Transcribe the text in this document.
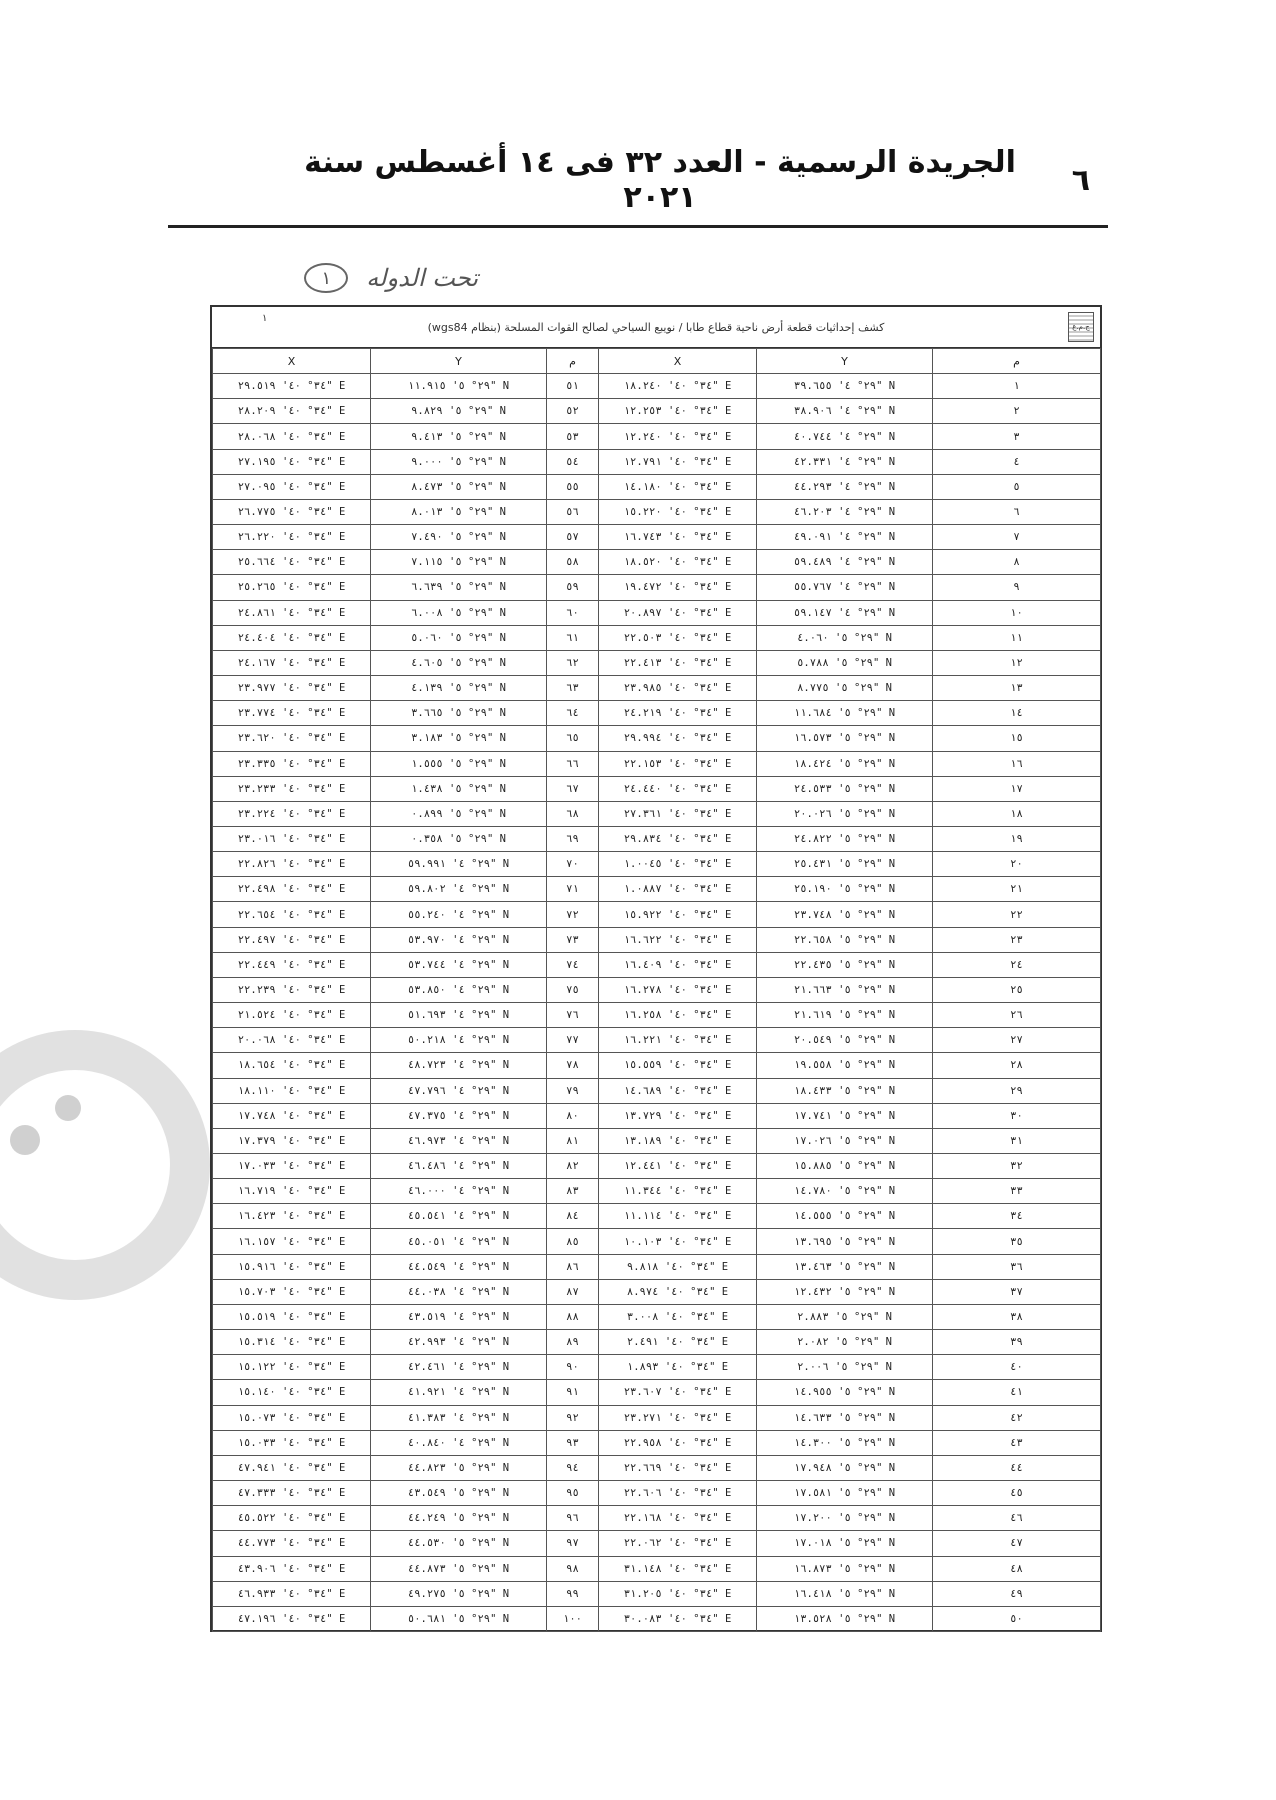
٦
الجريدة الرسمية - العدد ٣٢ فى ١٤ أغسطس سنة ٢٠٢١
تحت الدوله
١
ج.م.ع
كشف إحداثيات قطعة أرض ناحية قطاع طابا / نويبع السياحي لصالح القوات المسلحة (بنظام wgs84)
١
X	Y	م	X	Y	م
٣٤° ٤٠' ٢٩.٥١٩" E	٢٩° ٥' ١١.٩١٥" N	٥١	٣٤° ٤٠' ١٨.٢٤٠" E	٢٩° ٤' ٣٩.٦٥٥" N	١
٣٤° ٤٠' ٢٨.٢٠٩" E	٢٩° ٥' ٩.٨٢٩" N	٥٢	٣٤° ٤٠' ١٢.٢٥٣" E	٢٩° ٤' ٣٨.٩٠٦" N	٢
٣٤° ٤٠' ٢٨.٠٦٨" E	٢٩° ٥' ٩.٤١٣" N	٥٣	٣٤° ٤٠' ١٢.٢٤٠" E	٢٩° ٤' ٤٠.٧٤٤" N	٣
٣٤° ٤٠' ٢٧.١٩٥" E	٢٩° ٥' ٩.٠٠٠" N	٥٤	٣٤° ٤٠' ١٢.٧٩١" E	٢٩° ٤' ٤٢.٣٣١" N	٤
٣٤° ٤٠' ٢٧.٠٩٥" E	٢٩° ٥' ٨.٤٧٣" N	٥٥	٣٤° ٤٠' ١٤.١٨٠" E	٢٩° ٤' ٤٤.٢٩٣" N	٥
٣٤° ٤٠' ٢٦.٧٧٥" E	٢٩° ٥' ٨.٠١٣" N	٥٦	٣٤° ٤٠' ١٥.٢٢٠" E	٢٩° ٤' ٤٦.٢٠٣" N	٦
٣٤° ٤٠' ٢٦.٢٢٠" E	٢٩° ٥' ٧.٤٩٠" N	٥٧	٣٤° ٤٠' ١٦.٧٤٣" E	٢٩° ٤' ٤٩.٠٩١" N	٧
٣٤° ٤٠' ٢٥.٦٦٤" E	٢٩° ٥' ٧.١١٥" N	٥٨	٣٤° ٤٠' ١٨.٥٢٠" E	٢٩° ٤' ٥٩.٤٨٩" N	٨
٣٤° ٤٠' ٢٥.٢٦٥" E	٢٩° ٥' ٦.٦٣٩" N	٥٩	٣٤° ٤٠' ١٩.٤٧٢" E	٢٩° ٤' ٥٥.٧٦٧" N	٩
٣٤° ٤٠' ٢٤.٨٦١" E	٢٩° ٥' ٦.٠٠٨" N	٦٠	٣٤° ٤٠' ٢٠.٨٩٧" E	٢٩° ٤' ٥٩.١٤٧" N	١٠
٣٤° ٤٠' ٢٤.٤٠٤" E	٢٩° ٥' ٥.٠٦٠" N	٦١	٣٤° ٤٠' ٢٢.٥٠٣" E	٢٩° ٥' ٤.٠٦٠" N	١١
٣٤° ٤٠' ٢٤.١٦٧" E	٢٩° ٥' ٤.٦٠٥" N	٦٢	٣٤° ٤٠' ٢٢.٤١٣" E	٢٩° ٥' ٥.٧٨٨" N	١٢
٣٤° ٤٠' ٢٣.٩٧٧" E	٢٩° ٥' ٤.١٣٩" N	٦٣	٣٤° ٤٠' ٢٣.٩٨٥" E	٢٩° ٥' ٨.٧٧٥" N	١٣
٣٤° ٤٠' ٢٣.٧٧٤" E	٢٩° ٥' ٣.٦٦٥" N	٦٤	٣٤° ٤٠' ٢٤.٢١٩" E	٢٩° ٥' ١١.٦٨٤" N	١٤
٣٤° ٤٠' ٢٣.٦٢٠" E	٢٩° ٥' ٣.١٨٣" N	٦٥	٣٤° ٤٠' ٢٩.٩٩٤" E	٢٩° ٥' ١٦.٥٧٣" N	١٥
٣٤° ٤٠' ٢٣.٣٣٥" E	٢٩° ٥' ١.٥٥٥" N	٦٦	٣٤° ٤٠' ٢٢.١٥٣" E	٢٩° ٥' ١٨.٤٢٤" N	١٦
٣٤° ٤٠' ٢٣.٢٣٣" E	٢٩° ٥' ١.٤٣٨" N	٦٧	٣٤° ٤٠' ٢٤.٤٤٠" E	٢٩° ٥' ٢٤.٥٣٣" N	١٧
٣٤° ٤٠' ٢٣.٢٢٤" E	٢٩° ٥' ٠.٨٩٩" N	٦٨	٣٤° ٤٠' ٢٧.٣٦١" E	٢٩° ٥' ٢٠.٠٢٦" N	١٨
٣٤° ٤٠' ٢٣.٠١٦" E	٢٩° ٥' ٠.٣٥٨" N	٦٩	٣٤° ٤٠' ٢٩.٨٣٤" E	٢٩° ٥' ٢٤.٨٢٢" N	١٩
٣٤° ٤٠' ٢٢.٨٢٦" E	٢٩° ٤' ٥٩.٩٩١" N	٧٠	٣٤° ٤٠' ١.٠٠٤٥" E	٢٩° ٥' ٢٥.٤٣١" N	٢٠
٣٤° ٤٠' ٢٢.٤٩٨" E	٢٩° ٤' ٥٩.٨٠٢" N	٧١	٣٤° ٤٠' ١.٠٨٨٧" E	٢٩° ٥' ٢٥.١٩٠" N	٢١
٣٤° ٤٠' ٢٢.٦٥٤" E	٢٩° ٤' ٥٥.٢٤٠" N	٧٢	٣٤° ٤٠' ١٥.٩٢٢" E	٢٩° ٥' ٢٣.٧٤٨" N	٢٢
٣٤° ٤٠' ٢٢.٤٩٧" E	٢٩° ٤' ٥٣.٩٧٠" N	٧٣	٣٤° ٤٠' ١٦.٦٢٢" E	٢٩° ٥' ٢٢.٦٥٨" N	٢٣
٣٤° ٤٠' ٢٢.٤٤٩" E	٢٩° ٤' ٥٣.٧٤٤" N	٧٤	٣٤° ٤٠' ١٦.٤٠٩" E	٢٩° ٥' ٢٢.٤٣٥" N	٢٤
٣٤° ٤٠' ٢٢.٢٣٩" E	٢٩° ٤' ٥٣.٨٥٠" N	٧٥	٣٤° ٤٠' ١٦.٢٧٨" E	٢٩° ٥' ٢١.٦٦٣" N	٢٥
٣٤° ٤٠' ٢١.٥٢٤" E	٢٩° ٤' ٥١.٦٩٣" N	٧٦	٣٤° ٤٠' ١٦.٢٥٨" E	٢٩° ٥' ٢١.٦١٩" N	٢٦
٣٤° ٤٠' ٢٠.٠٦٨" E	٢٩° ٤' ٥٠.٢١٨" N	٧٧	٣٤° ٤٠' ١٦.٢٢١" E	٢٩° ٥' ٢٠.٥٤٩" N	٢٧
٣٤° ٤٠' ١٨.٦٥٤" E	٢٩° ٤' ٤٨.٧٢٣" N	٧٨	٣٤° ٤٠' ١٥.٥٥٩" E	٢٩° ٥' ١٩.٥٥٨" N	٢٨
٣٤° ٤٠' ١٨.١١٠" E	٢٩° ٤' ٤٧.٧٩٦" N	٧٩	٣٤° ٤٠' ١٤.٦٨٩" E	٢٩° ٥' ١٨.٤٣٣" N	٢٩
٣٤° ٤٠' ١٧.٧٤٨" E	٢٩° ٤' ٤٧.٣٧٥" N	٨٠	٣٤° ٤٠' ١٣.٧٢٩" E	٢٩° ٥' ١٧.٧٤١" N	٣٠
٣٤° ٤٠' ١٧.٣٧٩" E	٢٩° ٤' ٤٦.٩٧٣" N	٨١	٣٤° ٤٠' ١٣.١٨٩" E	٢٩° ٥' ١٧.٠٢٦" N	٣١
٣٤° ٤٠' ١٧.٠٣٣" E	٢٩° ٤' ٤٦.٤٨٦" N	٨٢	٣٤° ٤٠' ١٢.٤٤١" E	٢٩° ٥' ١٥.٨٨٥" N	٣٢
٣٤° ٤٠' ١٦.٧١٩" E	٢٩° ٤' ٤٦.٠٠٠" N	٨٣	٣٤° ٤٠' ١١.٣٤٤" E	٢٩° ٥' ١٤.٧٨٠" N	٣٣
٣٤° ٤٠' ١٦.٤٢٣" E	٢٩° ٤' ٤٥.٥٤١" N	٨٤	٣٤° ٤٠' ١١.١١٤" E	٢٩° ٥' ١٤.٥٥٥" N	٣٤
٣٤° ٤٠' ١٦.١٥٧" E	٢٩° ٤' ٤٥.٠٥١" N	٨٥	٣٤° ٤٠' ١٠.١٠٣" E	٢٩° ٥' ١٣.٦٩٥" N	٣٥
٣٤° ٤٠' ١٥.٩١٦" E	٢٩° ٤' ٤٤.٥٤٩" N	٨٦	٣٤° ٤٠' ٩.٨١٨" E	٢٩° ٥' ١٣.٤٦٣" N	٣٦
٣٤° ٤٠' ١٥.٧٠٣" E	٢٩° ٤' ٤٤.٠٣٨" N	٨٧	٣٤° ٤٠' ٨.٩٧٤" E	٢٩° ٥' ١٢.٤٣٢" N	٣٧
٣٤° ٤٠' ١٥.٥١٩" E	٢٩° ٤' ٤٣.٥١٩" N	٨٨	٣٤° ٤٠' ٣.٠٠٨" E	٢٩° ٥' ٢.٨٨٣" N	٣٨
٣٤° ٤٠' ١٥.٣١٤" E	٢٩° ٤' ٤٢.٩٩٣" N	٨٩	٣٤° ٤٠' ٢.٤٩١" E	٢٩° ٥' ٢.٠٨٢" N	٣٩
٣٤° ٤٠' ١٥.١٢٢" E	٢٩° ٤' ٤٢.٤٦١" N	٩٠	٣٤° ٤٠' ١.٨٩٣" E	٢٩° ٥' ٢.٠٠٦" N	٤٠
٣٤° ٤٠' ١٥.١٤٠" E	٢٩° ٤' ٤١.٩٢١" N	٩١	٣٤° ٤٠' ٢٣.٦٠٧" E	٢٩° ٥' ١٤.٩٥٥" N	٤١
٣٤° ٤٠' ١٥.٠٧٣" E	٢٩° ٤' ٤١.٣٨٣" N	٩٢	٣٤° ٤٠' ٢٣.٢٧١" E	٢٩° ٥' ١٤.٦٣٣" N	٤٢
٣٤° ٤٠' ١٥.٠٣٣" E	٢٩° ٤' ٤٠.٨٤٠" N	٩٣	٣٤° ٤٠' ٢٢.٩٥٨" E	٢٩° ٥' ١٤.٣٠٠" N	٤٣
٣٤° ٤٠' ٤٧.٩٤١" E	٢٩° ٥' ٤٤.٨٢٣" N	٩٤	٣٤° ٤٠' ٢٢.٦٦٩" E	٢٩° ٥' ١٧.٩٤٨" N	٤٤
٣٤° ٤٠' ٤٧.٣٣٣" E	٢٩° ٥' ٤٣.٥٤٩" N	٩٥	٣٤° ٤٠' ٢٢.٦٠٦" E	٢٩° ٥' ١٧.٥٨١" N	٤٥
٣٤° ٤٠' ٤٥.٥٢٢" E	٢٩° ٥' ٤٤.٢٤٩" N	٩٦	٣٤° ٤٠' ٢٢.١٦٨" E	٢٩° ٥' ١٧.٢٠٠" N	٤٦
٣٤° ٤٠' ٤٤.٧٧٣" E	٢٩° ٥' ٤٤.٥٣٠" N	٩٧	٣٤° ٤٠' ٢٢.٠٦٢" E	٢٩° ٥' ١٧.٠١٨" N	٤٧
٣٤° ٤٠' ٤٣.٩٠٦" E	٢٩° ٥' ٤٤.٨٧٣" N	٩٨	٣٤° ٤٠' ٣١.١٤٨" E	٢٩° ٥' ١٦.٨٧٣" N	٤٨
٣٤° ٤٠' ٤٦.٩٣٣" E	٢٩° ٥' ٤٩.٢٧٥" N	٩٩	٣٤° ٤٠' ٣١.٢٠٥" E	٢٩° ٥' ١٦.٤١٨" N	٤٩
٣٤° ٤٠' ٤٧.١٩٦" E	٢٩° ٥' ٥٠.٦٨١" N	١٠٠	٣٤° ٤٠' ٣٠.٠٨٣" E	٢٩° ٥' ١٣.٥٢٨" N	٥٠
